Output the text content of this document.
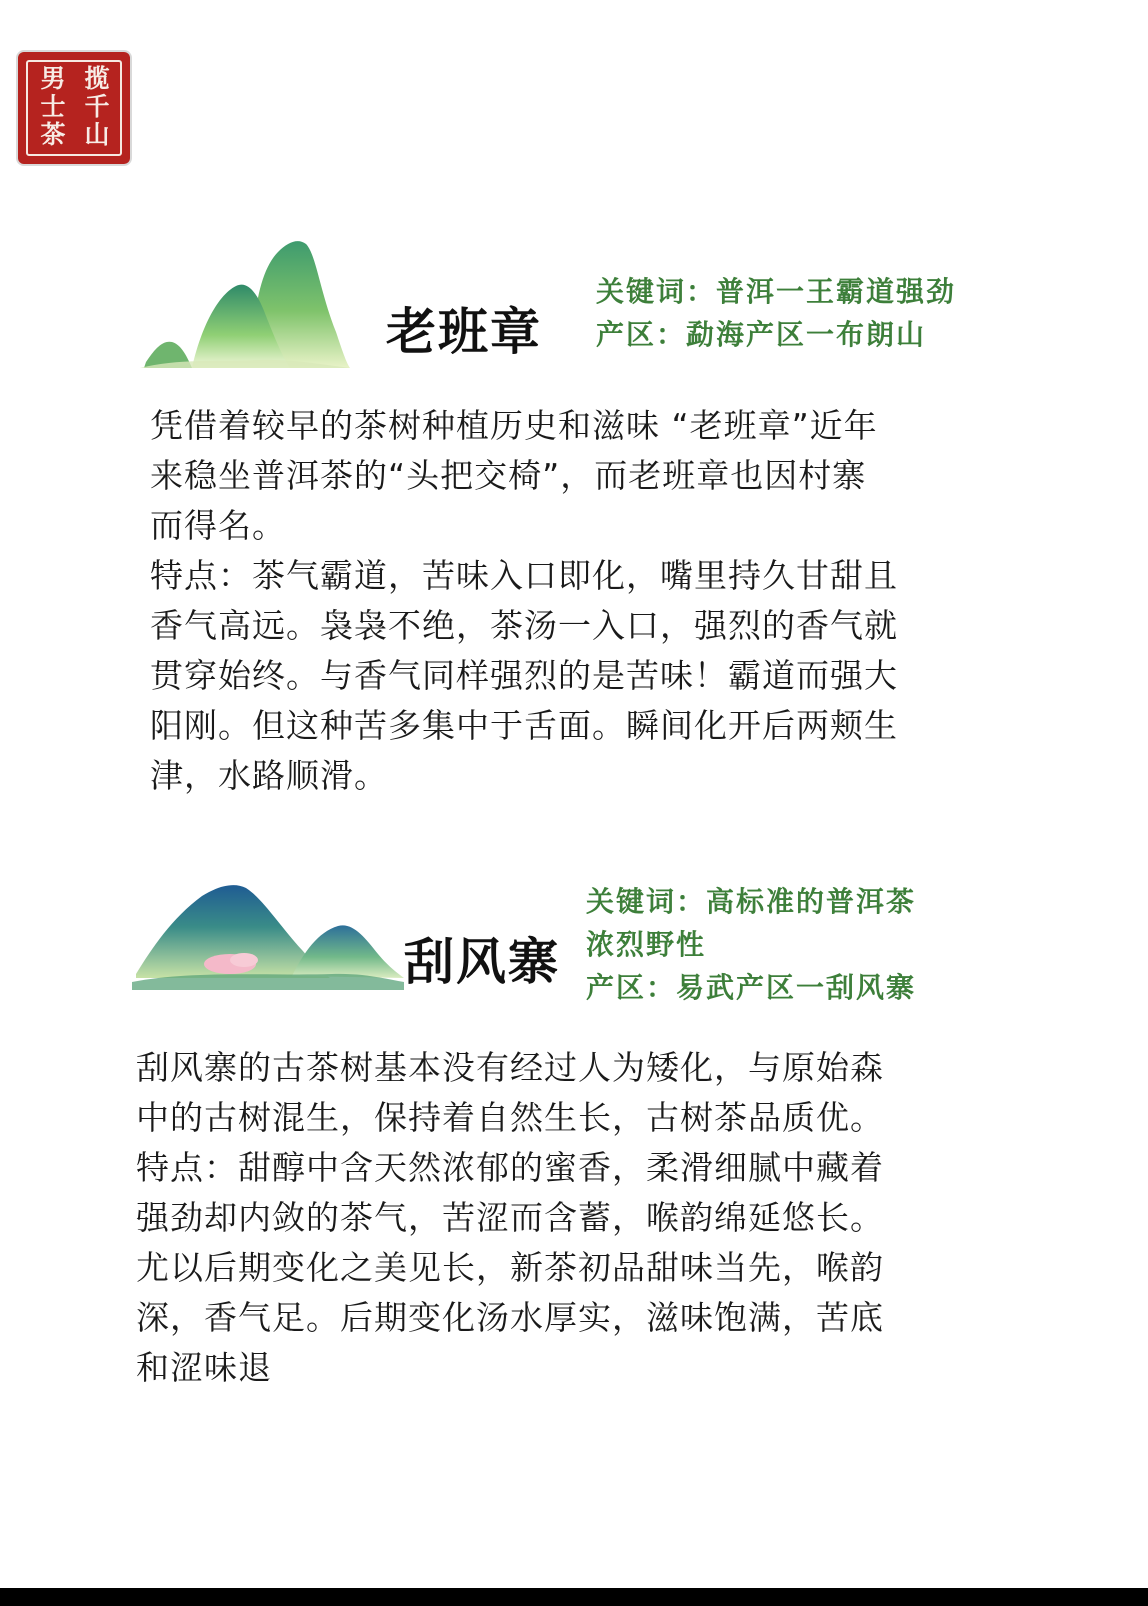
揽
千
山
男
士
茶
老班章
关键词：普洱一王霸道强劲
产区：勐海产区一布朗山
凭借着较早的茶树种植历史和滋味 “老班章”近年
来稳坐普洱茶的“头把交椅”，而老班章也因村寨
而得名。
特点：茶气霸道，苦味入口即化，嘴里持久甘甜且
香气高远。袅袅不绝，茶汤一入口，强烈的香气就
贯穿始终。与香气同样强烈的是苦味！霸道而强大
阳刚。但这种苦多集中于舌面。瞬间化开后两颊生
津，水路顺滑。
刮风寨
关键词：高标准的普洱茶
浓烈野性
产区：易武产区一刮风寨
刮风寨的古茶树基本没有经过人为矮化，与原始森
中的古树混生，保持着自然生长，古树茶品质优。
特点：甜醇中含天然浓郁的蜜香，柔滑细腻中藏着
强劲却内敛的茶气，苦涩而含蓄，喉韵绵延悠长。
尤以后期变化之美见长，新茶初品甜味当先，喉韵
深，香气足。后期变化汤水厚实，滋味饱满，苦底
和涩味退
